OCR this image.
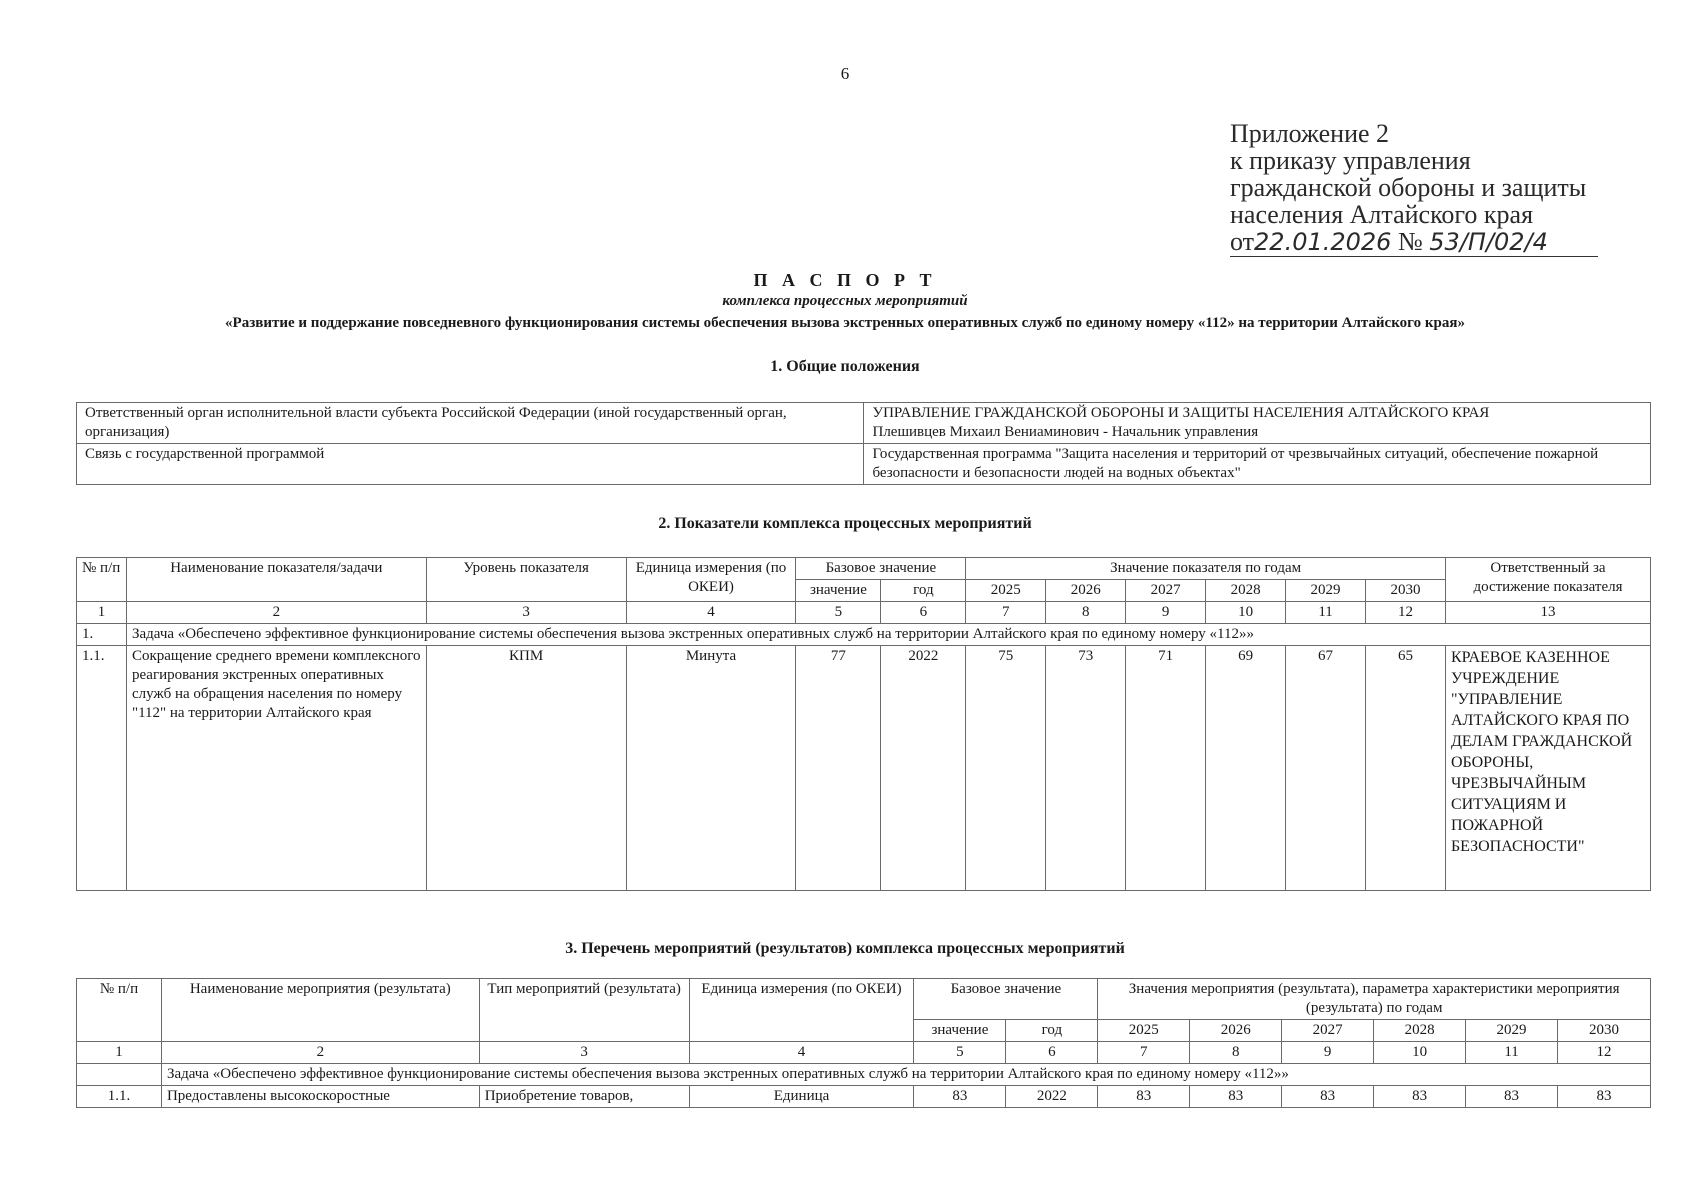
6
Приложение 2
к приказу управления
гражданской обороны и защиты
населения Алтайского края
от22.01.2026 № 53/П/02/4
П А С П О Р Т
комплекса процессных мероприятий
«Развитие и поддержание повседневного функционирования системы обеспечения вызова экстренных оперативных служб по единому номеру «112» на территории Алтайского края»
1. Общие положения
Ответственный орган исполнительной власти субъекта Российской Федерации (иной государственный орган, организация)	УПРАВЛЕНИЕ ГРАЖДАНСКОЙ ОБОРОНЫ И ЗАЩИТЫ НАСЕЛЕНИЯ АЛТАЙСКОГО КРАЯ
Плешивцев Михаил Вениаминович - Начальник управления

Связь с государственной программой	Государственная программа "Защита населения и территорий от чрезвычайных ситуаций, обеспечение пожарной безопасности и безопасности людей на водных объектах"
2. Показатели комплекса процессных мероприятий
№ п/п	Наименование показателя/задачи	Уровень показателя	Единица измерения (по ОКЕИ)	Базовое значение		Значение показателя по годам						Ответственный за достижение показателя
				значение	год	2025	2026	2027	2028	2029	2030	
1	2	3	4	5	6	7	8	9	10	11	12	13
1.	Задача «Обеспечено эффективное функционирование системы обеспечения вызова экстренных оперативных служб на территории Алтайского края по единому номеру «112»»											
1.1.	Сокращение среднего времени комплексного реагирования экстренных оперативных служб на обращения населения по номеру "112" на территории Алтайского края	КПМ	Минута	77	2022	75	73	71	69	67	65	КРАЕВОЕ КАЗЕННОЕ УЧРЕЖДЕНИЕ "УПРАВЛЕНИЕ АЛТАЙСКОГО КРАЯ ПО ДЕЛАМ ГРАЖДАНСКОЙ ОБОРОНЫ, ЧРЕЗВЫЧАЙНЫМ СИТУАЦИЯМ И ПОЖАРНОЙ БЕЗОПАСНОСТИ"
3. Перечень мероприятий (результатов) комплекса процессных мероприятий
№ п/п	Наименование мероприятия (результата)	Тип мероприятий (результата)	Единица измерения (по ОКЕИ)	Базовое значение		Значения мероприятия (результата), параметра характеристики мероприятия (результата) по годам					
				значение	год	2025	2026	2027	2028	2029	2030
1	2	3	4	5	6	7	8	9	10	11	12
	Задача «Обеспечено эффективное функционирование системы обеспечения вызова экстренных оперативных служб на территории Алтайского края по единому номеру «112»»										
1.1.	Предоставлены высокоскоростные	Приобретение товаров,	Единица	83	2022	83	83	83	83	83	83
